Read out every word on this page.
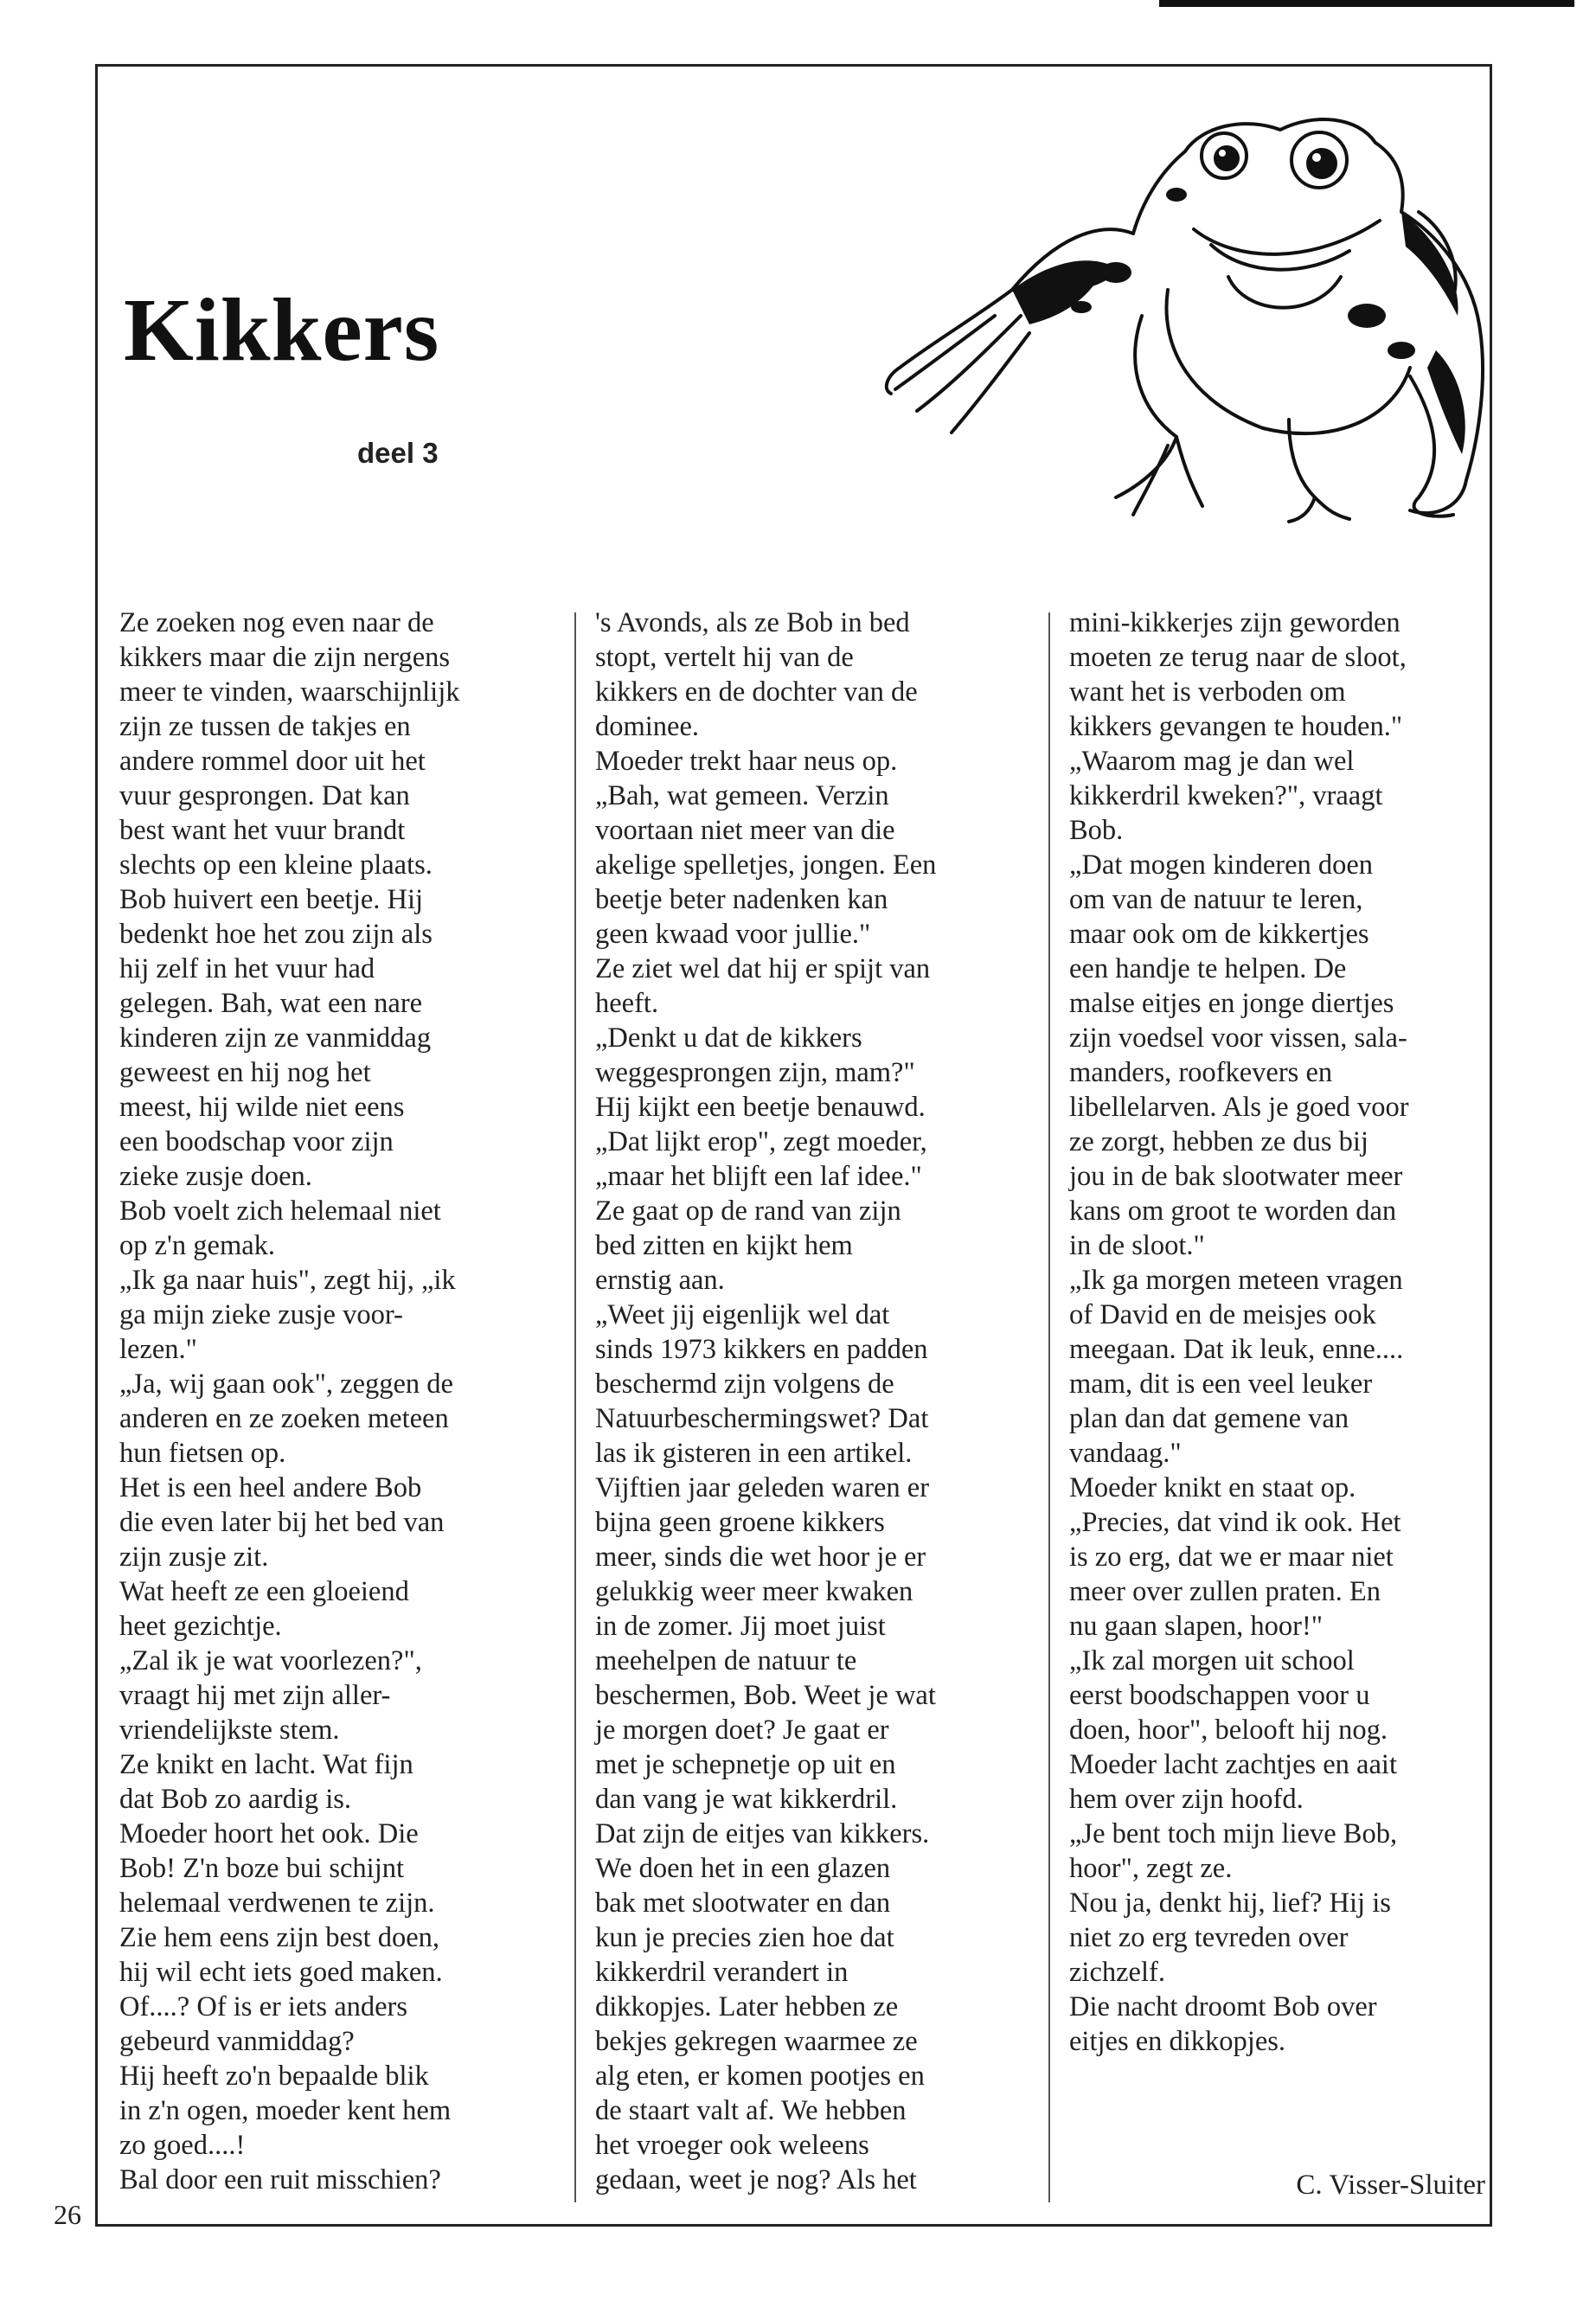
Kikkers
deel 3
Ze zoeken nog even naar de
kikkers maar die zijn nergens
meer te vinden, waarschijnlijk
zijn ze tussen de takjes en
andere rommel door uit het
vuur gesprongen. Dat kan
best want het vuur brandt
slechts op een kleine plaats.
Bob huivert een beetje. Hij
bedenkt hoe het zou zijn als
hij zelf in het vuur had
gelegen. Bah, wat een nare
kinderen zijn ze vanmiddag
geweest en hij nog het
meest, hij wilde niet eens
een boodschap voor zijn
zieke zusje doen.
Bob voelt zich helemaal niet
op z'n gemak.
„Ik ga naar huis", zegt hij, „ik
ga mijn zieke zusje voor-
lezen."
„Ja, wij gaan ook", zeggen de
anderen en ze zoeken meteen
hun fietsen op.
Het is een heel andere Bob
die even later bij het bed van
zijn zusje zit.
Wat heeft ze een gloeiend
heet gezichtje.
„Zal ik je wat voorlezen?",
vraagt hij met zijn aller-
vriendelijkste stem.
Ze knikt en lacht. Wat fijn
dat Bob zo aardig is.
Moeder hoort het ook. Die
Bob! Z'n boze bui schijnt
helemaal verdwenen te zijn.
Zie hem eens zijn best doen,
hij wil echt iets goed maken.
Of....? Of is er iets anders
gebeurd vanmiddag?
Hij heeft zo'n bepaalde blik
in z'n ogen, moeder kent hem
zo goed....!
Bal door een ruit misschien?
's Avonds, als ze Bob in bed
stopt, vertelt hij van de
kikkers en de dochter van de
dominee.
Moeder trekt haar neus op.
„Bah, wat gemeen. Verzin
voortaan niet meer van die
akelige spelletjes, jongen. Een
beetje beter nadenken kan
geen kwaad voor jullie."
Ze ziet wel dat hij er spijt van
heeft.
„Denkt u dat de kikkers
weggesprongen zijn, mam?"
Hij kijkt een beetje benauwd.
„Dat lijkt erop", zegt moeder,
„maar het blijft een laf idee."
Ze gaat op de rand van zijn
bed zitten en kijkt hem
ernstig aan.
„Weet jij eigenlijk wel dat
sinds 1973 kikkers en padden
beschermd zijn volgens de
Natuurbeschermingswet? Dat
las ik gisteren in een artikel.
Vijftien jaar geleden waren er
bijna geen groene kikkers
meer, sinds die wet hoor je er
gelukkig weer meer kwaken
in de zomer. Jij moet juist
meehelpen de natuur te
beschermen, Bob. Weet je wat
je morgen doet? Je gaat er
met je schepnetje op uit en
dan vang je wat kikkerdril.
Dat zijn de eitjes van kikkers.
We doen het in een glazen
bak met slootwater en dan
kun je precies zien hoe dat
kikkerdril verandert in
dikkopjes. Later hebben ze
bekjes gekregen waarmee ze
alg eten, er komen pootjes en
de staart valt af. We hebben
het vroeger ook weleens
gedaan, weet je nog? Als het
mini-kikkerjes zijn geworden
moeten ze terug naar de sloot,
want het is verboden om
kikkers gevangen te houden."
„Waarom mag je dan wel
kikkerdril kweken?", vraagt
Bob.
„Dat mogen kinderen doen
om van de natuur te leren,
maar ook om de kikkertjes
een handje te helpen. De
malse eitjes en jonge diertjes
zijn voedsel voor vissen, sala-
manders, roofkevers en
libellelarven. Als je goed voor
ze zorgt, hebben ze dus bij
jou in de bak slootwater meer
kans om groot te worden dan
in de sloot."
„Ik ga morgen meteen vragen
of David en de meisjes ook
meegaan. Dat ik leuk, enne....
mam, dit is een veel leuker
plan dan dat gemene van
vandaag."
Moeder knikt en staat op.
„Precies, dat vind ik ook. Het
is zo erg, dat we er maar niet
meer over zullen praten. En
nu gaan slapen, hoor!"
„Ik zal morgen uit school
eerst boodschappen voor u
doen, hoor", belooft hij nog.
Moeder lacht zachtjes en aait
hem over zijn hoofd.
„Je bent toch mijn lieve Bob,
hoor", zegt ze.
Nou ja, denkt hij, lief? Hij is
niet zo erg tevreden over
zichzelf.
Die nacht droomt Bob over
eitjes en dikkopjes.
C. Visser-Sluiter
26
